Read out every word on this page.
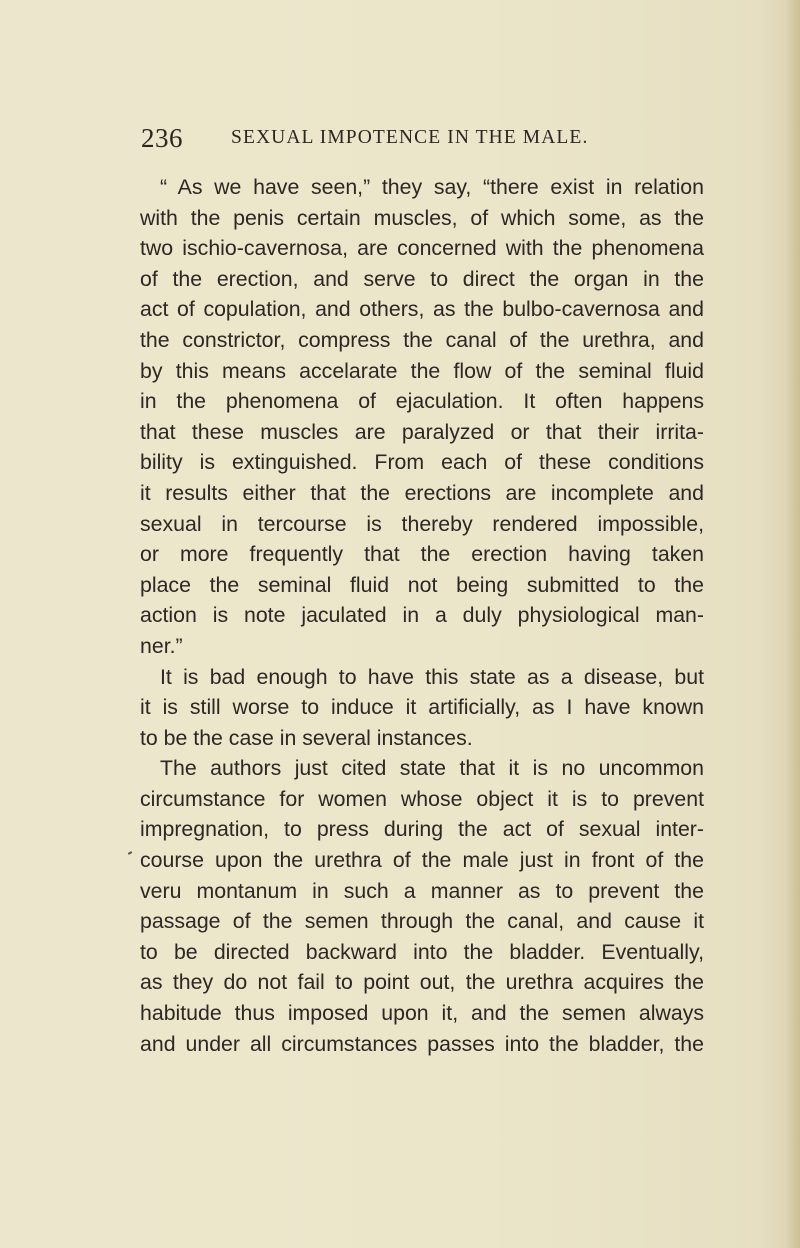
236 SEXUAL IMPOTENCE IN THE MALE.
“ As we have seen,” they say, “there exist in relation
with the penis certain muscles, of which some, as the
two ischio-cavernosa, are concerned with the phenomena
of the erection, and serve to direct the organ in the
act of copulation, and others, as the bulbo-cavernosa and
the constrictor, compress the canal of the urethra, and
by this means accelarate the flow of the seminal fluid
in the phenomena of ejaculation. It often happens
that these muscles are paralyzed or that their irrita-
bility is extinguished. From each of these conditions
it results either that the erections are incomplete and
sexual in tercourse is thereby rendered impossible,
or more frequently that the erection having taken
place the seminal fluid not being submitted to the
action is note jaculated in a duly physiological man-
ner.”
It is bad enough to have this state as a disease, but
it is still worse to induce it artificially, as I have known
to be the case in several instances.
The authors just cited state that it is no uncommon
circumstance for women whose object it is to prevent
impregnation, to press during the act of sexual inter-
course upon the urethra of the male just in front of the
veru montanum in such a manner as to prevent the
passage of the semen through the canal, and cause it
to be directed backward into the bladder. Eventually,
as they do not fail to point out, the urethra acquires the
habitude thus imposed upon it, and the semen always
and under all circumstances passes into the bladder, the
